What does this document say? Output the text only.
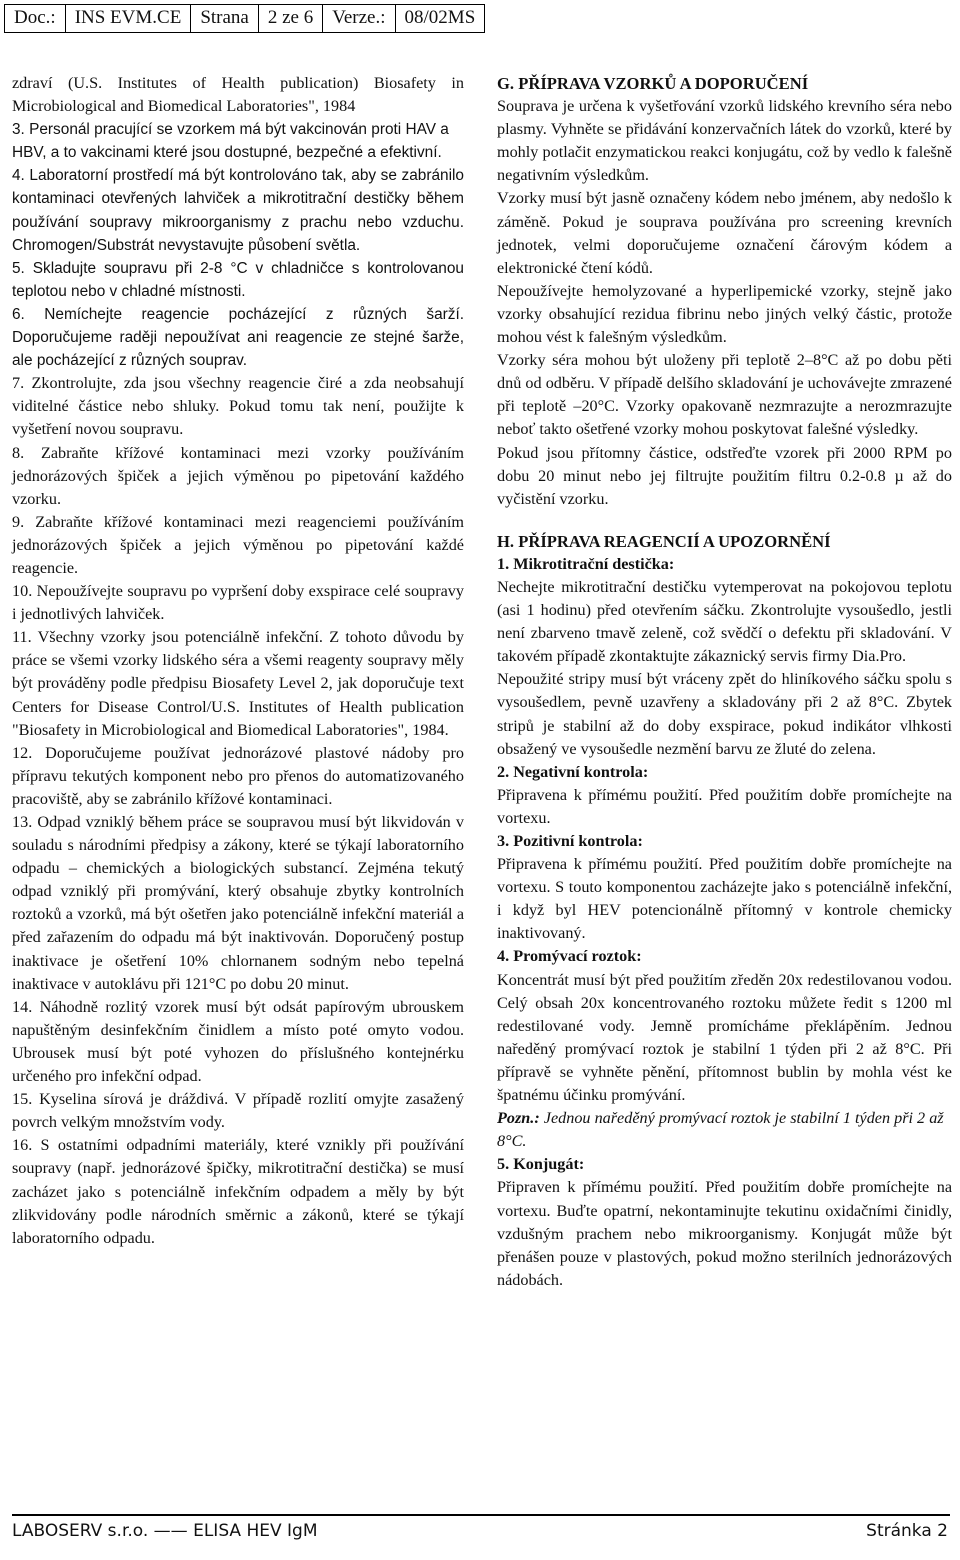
Doc.:	INS EVM.CE	Strana	2 ze 6	Verze.:	08/02MS

zdraví (U.S. Institutes of Health publication) Biosafety in Microbiological and Biomedical Laboratories", 1984

3. Personál pracující se vzorkem má být vakcinován proti HAV a HBV, a to vakcinami které jsou dostupné, bezpečné a efektivní.

4. Laboratorní prostředí má být kontrolováno tak, aby se zabránilo kontaminaci otevřených lahviček a mikrotitrační destičky během používání soupravy mikroorganismy z prachu nebo vzduchu. Chromogen/Substrát nevystavujte působení světla.

5. Skladujte soupravu při 2-8 °C v chladničce s kontrolovanou teplotou nebo v chladné místnosti.

6. Nemíchejte reagencie pocházející z různých šarží. Doporučujeme raději nepoužívat ani reagencie ze stejné šarže, ale pocházející z různých souprav.

7. Zkontrolujte, zda jsou všechny reagencie čiré a zda neobsahují viditelné částice nebo shluky. Pokud tomu tak není, použijte k vyšetření novou soupravu.

8. Zabraňte křížové kontaminaci mezi vzorky používáním jednorázových špiček a jejich výměnou po pipetování každého vzorku.

9. Zabraňte křížové kontaminaci mezi reagenciemi používáním jednorázových špiček a jejich výměnou po pipetování každé reagencie.

10. Nepoužívejte soupravu po vypršení doby exspirace celé soupravy i jednotlivých lahviček.

11. Všechny vzorky jsou potenciálně infekční. Z tohoto důvodu by práce se všemi vzorky lidského séra a všemi reagenty soupravy měly být prováděny podle předpisu Biosafety Level 2, jak doporučuje text Centers for Disease Control/U.S. Institutes of Health publication "Biosafety in Microbiological and Biomedical Laboratories", 1984.

12. Doporučujeme používat jednorázové plastové nádoby pro přípravu tekutých komponent nebo pro přenos do automatizovaného pracoviště, aby se zabránilo křížové kontaminaci.

13. Odpad vzniklý během práce se soupravou musí být likvidován v souladu s národními předpisy a zákony, které se týkají laboratorního odpadu – chemických a biologických substancí. Zejména tekutý odpad vzniklý při promývání, který obsahuje zbytky kontrolních roztoků a vzorků, má být ošetřen jako potenciálně infekční materiál a před zařazením do odpadu má být inaktivován. Doporučený postup inaktivace je ošetření 10% chlornanem sodným nebo tepelná inaktivace v autoklávu při 121°C po dobu 20 minut.

14. Náhodně rozlitý vzorek musí být odsát papírovým ubrouskem napuštěným desinfekčním činidlem a místo poté omyto vodou. Ubrousek musí být poté vyhozen do příslušného kontejnérku určeného pro infekční odpad.

15. Kyselina sírová je dráždivá. V případě rozlití omyjte zasažený povrch velkým množstvím vody.

16. S ostatními odpadními materiály, které vznikly při používání soupravy (např. jednorázové špičky, mikrotitrační destička) se musí zacházet jako s potenciálně infekčním odpadem a měly by být zlikvidovány podle národních směrnic a zákonů, které se týkají laboratorního odpadu.

G. PŘÍPRAVA VZORKŮ A DOPORUČENÍ

Souprava je určena k vyšetřování vzorků lidského krevního séra nebo plasmy. Vyhněte se přidávání konzervačních látek do vzorků, které by mohly potlačit enzymatickou reakci konjugátu, což by vedlo k falešně negativním výsledkům.

Vzorky musí být jasně označeny kódem nebo jménem, aby nedošlo k záměně. Pokud je souprava používána pro screening krevních jednotek, velmi doporučujeme označení čárovým kódem a elektronické čtení kódů.

Nepoužívejte hemolyzované a hyperlipemické vzorky, stejně jako vzorky obsahující rezidua fibrinu nebo jiných velký částic, protože mohou vést k falešným výsledkům.

Vzorky séra mohou být uloženy při teplotě 2–8°C až po dobu pěti dnů od odběru. V případě delšího skladování je uchovávejte zmrazené při teplotě –20°C. Vzorky opakovaně nezmrazujte a nerozmrazujte neboť takto ošetřené vzorky mohou poskytovat falešné výsledky.

Pokud jsou přítomny částice, odstřeďte vzorek při 2000 RPM po dobu 20 minut nebo jej filtrujte použitím filtru 0.2-0.8 µ až do vyčistění vzorku.

H. PŘÍPRAVA REAGENCIÍ A UPOZORNĚNÍ

1. Mikrotitrační destička:

Nechejte mikrotitrační destičku vytemperovat na pokojovou teplotu (asi 1 hodinu) před otevřením sáčku. Zkontrolujte vysoušedlo, jestli není zbarveno tmavě zeleně, což svědčí o defektu při skladování. V takovém případě zkontaktujte zákaznický servis firmy Dia.Pro.

Nepoužité stripy musí být vráceny zpět do hliníkového sáčku spolu s vysoušedlem, pevně uzavřeny a skladovány při 2 až 8°C. Zbytek stripů je stabilní až do doby exspirace, pokud indikátor vlhkosti obsažený ve vysoušedle nezmění barvu ze žluté do zelena.

2. Negativní kontrola:

Připravena k přímému použití. Před použitím dobře promíchejte na vortexu.

3. Pozitivní kontrola:

Připravena k přímému použití. Před použitím dobře promíchejte na vortexu. S touto komponentou zacházejte jako s potenciálně infekční, i když byl HEV potencionálně přítomný v kontrole chemicky inaktivovaný.

4. Promývací roztok:

Koncentrát musí být před použitím zředěn 20x redestilovanou vodou. Celý obsah 20x koncentrovaného roztoku můžete ředit s 1200 ml redestilované vody. Jemně promícháme překlápěním. Jednou naředěný promývací roztok je stabilní 1 týden při 2 až 8°C. Při přípravě se vyhněte pěnění, přítomnost bublin by mohla vést ke špatnému účinku promývání.

Pozn.: Jednou naředěný promývací roztok je stabilní 1 týden při 2 až 8°C.

5. Konjugát:

Připraven k přímému použití. Před použitím dobře promíchejte na vortexu. Buďte opatrní, nekontaminujte tekutinu oxidačními činidly, vzdušným prachem nebo mikroorganismy. Konjugát může být přenášen pouze v plastových, pokud možno sterilních jednorázových nádobách.

LABOSERV s.r.o. —— ELISA HEV IgM	Stránka 2
